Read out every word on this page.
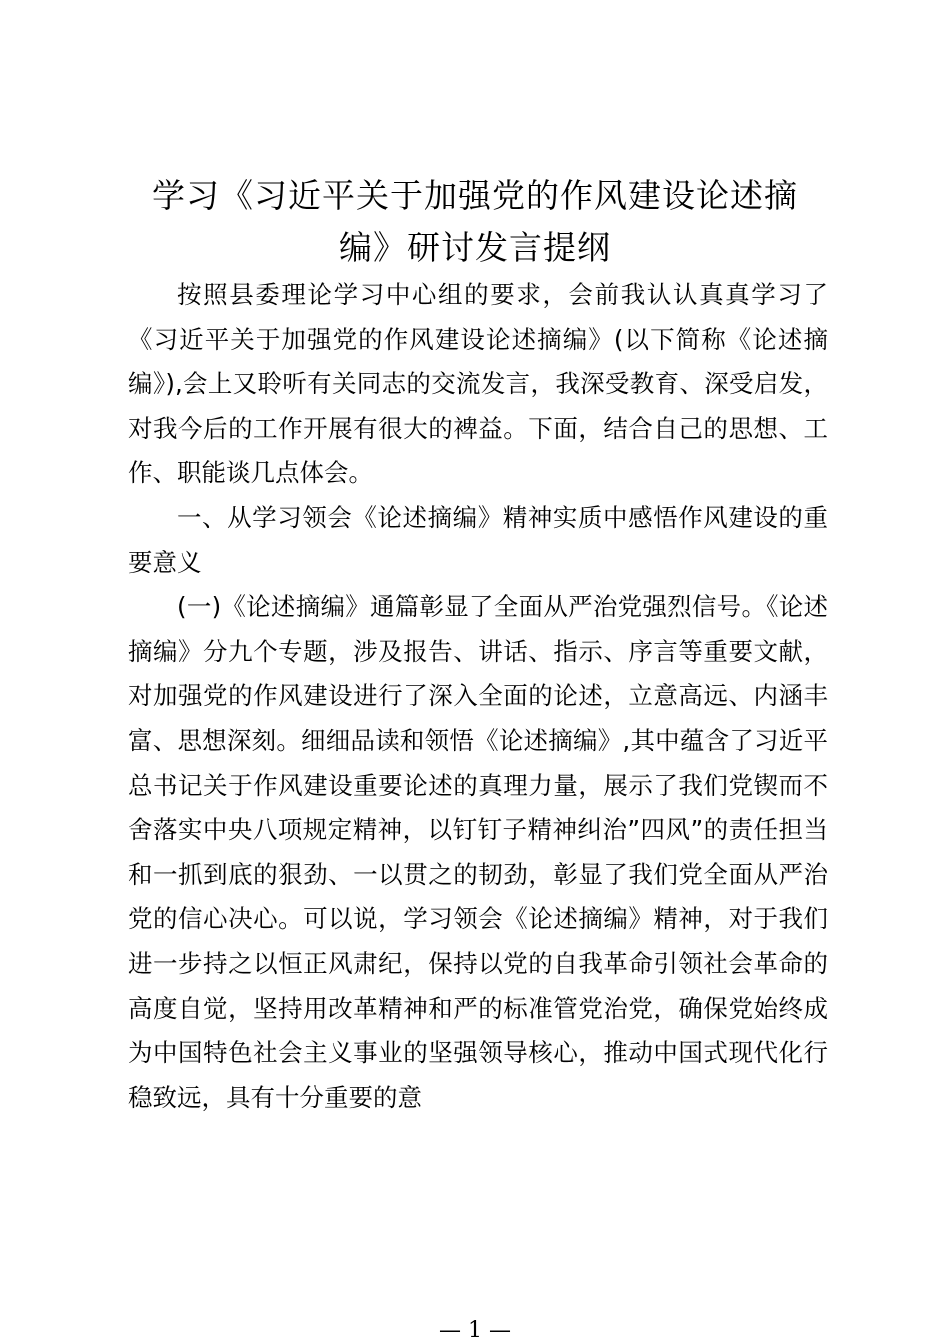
学习《习近平关于加强党的作风建设论述摘编》研讨发言提纲

按照县委理论学习中心组的要求，会前我认认真真学习了《习近平关于加强党的作风建设论述摘编》(以下简称《论述摘编》),会上又聆听有关同志的交流发言，我深受教育、深受启发，对我今后的工作开展有很大的裨益。下面，结合自己的思想、工作、职能谈几点体会。

一、从学习领会《论述摘编》精神实质中感悟作风建设的重要意义

(一)《论述摘编》通篇彰显了全面从严治党强烈信号。《论述摘编》分九个专题，涉及报告、讲话、指示、序言等重要文献，对加强党的作风建设进行了深入全面的论述，立意高远、内涵丰富、思想深刻。细细品读和领悟《论述摘编》,其中蕴含了习近平总书记关于作风建设重要论述的真理力量，展示了我们党锲而不舍落实中央八项规定精神，以钉钉子精神纠治”四风”的责任担当和一抓到底的狠劲、一以贯之的韧劲，彰显了我们党全面从严治党的信心决心。可以说，学习领会《论述摘编》精神，对于我们进一步持之以恒正风肃纪，保持以党的自我革命引领社会革命的高度自觉，坚持用改革精神和严的标准管党治党，确保党始终成为中国特色社会主义事业的坚强领导核心，推动中国式现代化行稳致远，具有十分重要的意

— 1 —
